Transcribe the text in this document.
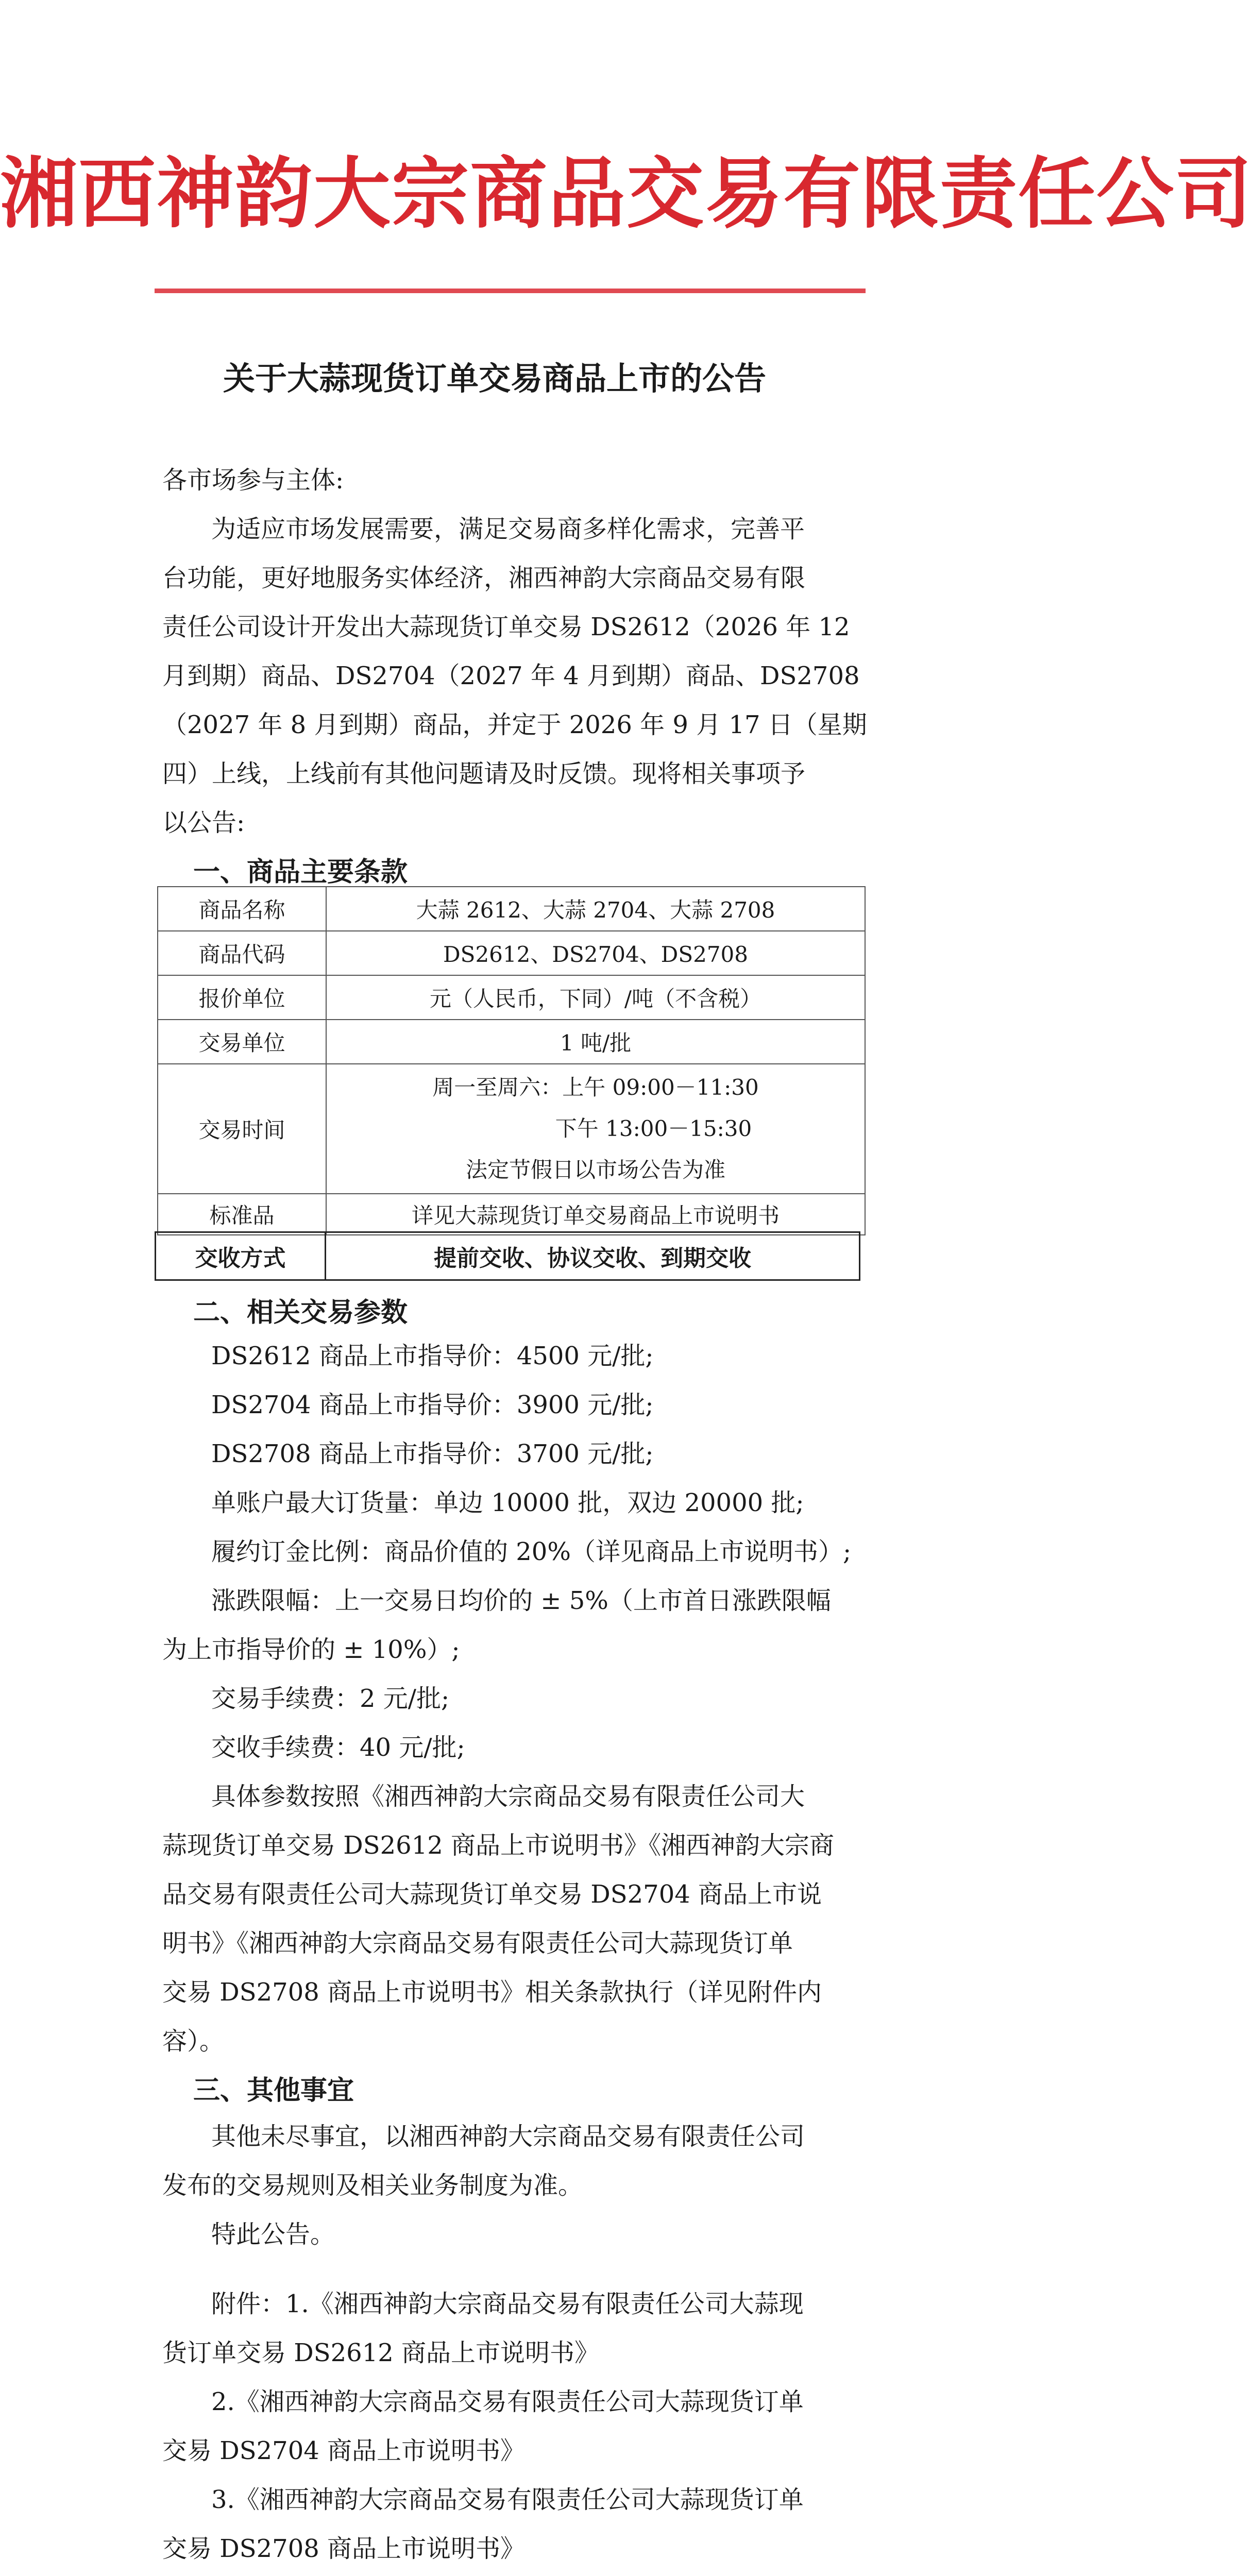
湘西神韵大宗商品交易有限责任公司
关于大蒜现货订单交易商品上市的公告
各市场参与主体:
为适应市场发展需要，满足交易商多样化需求，完善平
台功能，更好地服务实体经济，湘西神韵大宗商品交易有限
责任公司设计开发出大蒜现货订单交易 DS2612（2026 年 12
月到期）商品、DS2704（2027 年 4 月到期）商品、DS2708
（2027 年 8 月到期）商品，并定于 2026 年 9 月 17 日（星期
四）上线，上线前有其他问题请及时反馈。现将相关事项予
以公告:
一、商品主要条款
商品名称	大蒜 2612、大蒜 2704、大蒜 2708
商品代码	DS2612、DS2704、DS2708
报价单位	元（人民币，下同）/吨（不含税）
交易单位	1 吨/批
交易时间	周一至周六：上午 09:00－11:30
下午 13:00－15:30
法定节假日以市场公告为准

标准品	详见大蒜现货订单交易商品上市说明书
交收方式	提前交收、协议交收、到期交收
二、相关交易参数
DS2612 商品上市指导价：4500 元/批;
DS2704 商品上市指导价：3900 元/批;
DS2708 商品上市指导价：3700 元/批;
单账户最大订货量：单边 10000 批，双边 20000 批;
履约订金比例：商品价值的 20%（详见商品上市说明书）;
涨跌限幅：上一交易日均价的 ± 5%（上市首日涨跌限幅
为上市指导价的 ± 10%）;
交易手续费：2 元/批;
交收手续费：40 元/批;
具体参数按照《湘西神韵大宗商品交易有限责任公司大
蒜现货订单交易 DS2612 商品上市说明书》《湘西神韵大宗商
品交易有限责任公司大蒜现货订单交易 DS2704 商品上市说
明书》《湘西神韵大宗商品交易有限责任公司大蒜现货订单
交易 DS2708 商品上市说明书》相关条款执行（详见附件内
容）。
三、其他事宜
其他未尽事宜，以湘西神韵大宗商品交易有限责任公司
发布的交易规则及相关业务制度为准。
特此公告。
附件：1.《湘西神韵大宗商品交易有限责任公司大蒜现
货订单交易 DS2612 商品上市说明书》
2.《湘西神韵大宗商品交易有限责任公司大蒜现货订单
交易 DS2704 商品上市说明书》
3.《湘西神韵大宗商品交易有限责任公司大蒜现货订单
交易 DS2708 商品上市说明书》
